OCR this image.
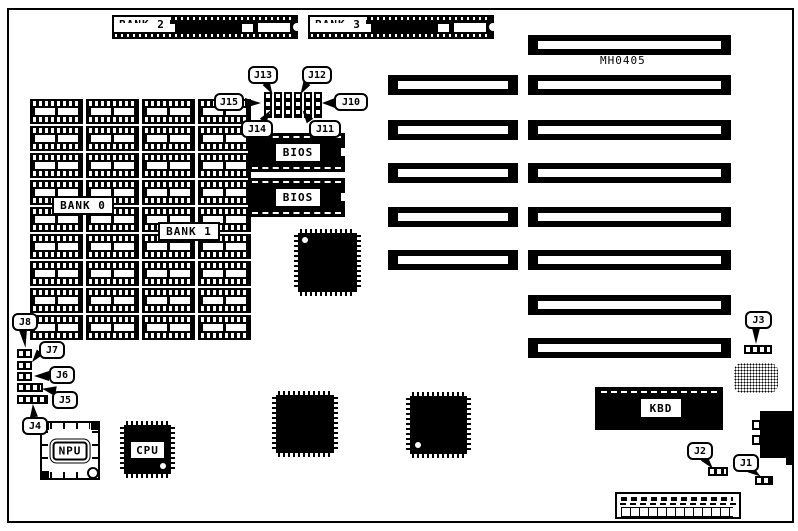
2	3
BANK 0
BANK 1
J13	J12
J15	J10
J14	J11
BIOS
BIOS
MH0405
NPU	CPU
J8
J7
J6
J5
J4
KBD
J3
J2
J1
